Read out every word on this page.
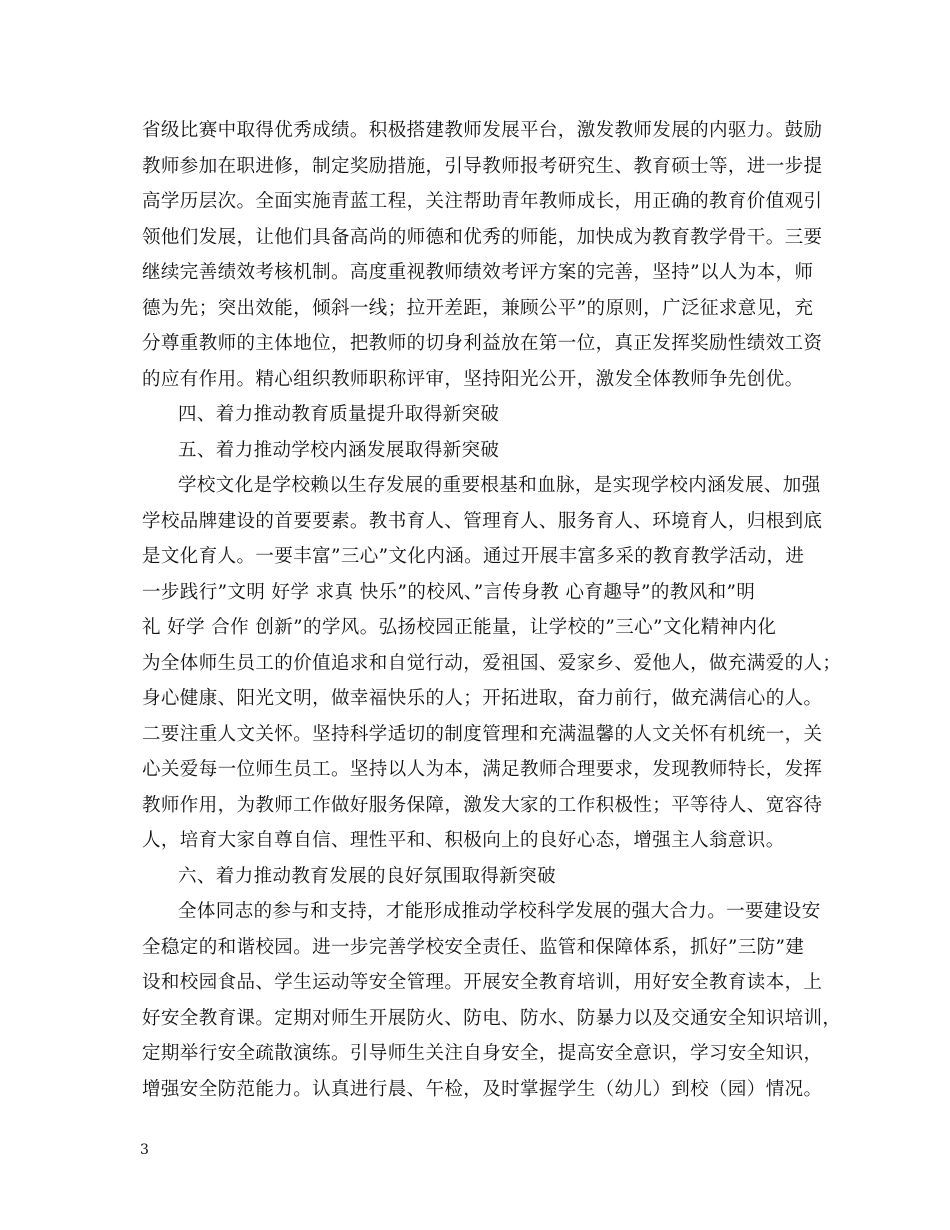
省级比赛中取得优秀成绩。积极搭建教师发展平台，激发教师发展的内驱力。鼓励
教师参加在职进修，制定奖励措施，引导教师报考研究生、教育硕士等，进一步提
高学历层次。全面实施青蓝工程，关注帮助青年教师成长，用正确的教育价值观引
领他们发展，让他们具备高尚的师德和优秀的师能，加快成为教育教学骨干。三要
继续完善绩效考核机制。高度重视教师绩效考评方案的完善，坚持”以人为本，师
德为先；突出效能，倾斜一线；拉开差距，兼顾公平”的原则，广泛征求意见，充
分尊重教师的主体地位，把教师的切身利益放在第一位，真正发挥奖励性绩效工资
的应有作用。精心组织教师职称评审，坚持阳光公开，激发全体教师争先创优。
四、着力推动教育质量提升取得新突破
五、着力推动学校内涵发展取得新突破
学校文化是学校赖以生存发展的重要根基和血脉，是实现学校内涵发展、加强
学校品牌建设的首要要素。教书育人、管理育人、服务育人、环境育人，归根到底
是文化育人。一要丰富”三心”文化内涵。通过开展丰富多采的教育教学活动，进
一步践行”文明 好学 求真 快乐”的校风、”言传身教 心育趣导”的教风和”明
礼 好学 合作 创新”的学风。弘扬校园正能量，让学校的”三心”文化精神内化
为全体师生员工的价值追求和自觉行动，爱祖国、爱家乡、爱他人，做充满爱的人；
身心健康、阳光文明，做幸福快乐的人；开拓进取，奋力前行，做充满信心的人。
二要注重人文关怀。坚持科学适切的制度管理和充满温馨的人文关怀有机统一，关
心关爱每一位师生员工。坚持以人为本，满足教师合理要求，发现教师特长，发挥
教师作用，为教师工作做好服务保障，激发大家的工作积极性；平等待人、宽容待
人，培育大家自尊自信、理性平和、积极向上的良好心态，增强主人翁意识。
六、着力推动教育发展的良好氛围取得新突破
全体同志的参与和支持，才能形成推动学校科学发展的强大合力。一要建设安
全稳定的和谐校园。进一步完善学校安全责任、监管和保障体系，抓好”三防”建
设和校园食品、学生运动等安全管理。开展安全教育培训，用好安全教育读本，上
好安全教育课。定期对师生开展防火、防电、防水、防暴力以及交通安全知识培训，
定期举行安全疏散演练。引导师生关注自身安全，提高安全意识，学习安全知识，
增强安全防范能力。认真进行晨、午检，及时掌握学生（幼儿）到校（园）情况。
3
